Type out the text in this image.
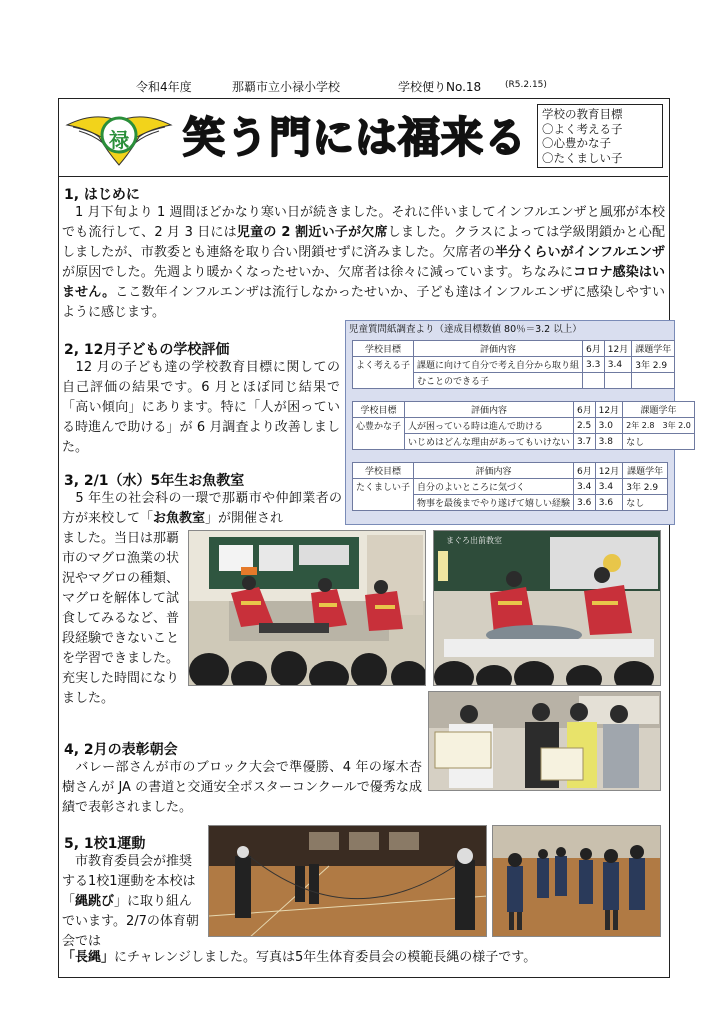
令和4年度	那覇市立小禄小学校	学校便りNo.18	(R5.2.15)
禄 笑う門には福来る 学校の教育目標
〇よく考える子
〇心豊かな子
〇たくましい子
1, はじめに
　1 月下旬より 1 週間ほどかなり寒い日が続きました。それに伴いましてインフルエンザと風邪が本校でも流行して、2 月 3 日には児童の 2 割近い子が欠席しました。クラスによっては学級閉鎖かと心配しましたが、市教委とも連絡を取り合い閉鎖せずに済みました。欠席者の半分くらいがインフルエンザが原因でした。先週より暖かくなったせいか、欠席者は徐々に減っています。ちなみにコロナ感染はいません。ここ数年インフルエンザは流行しなかったせいか、子ども達はインフルエンザに感染しやすいように感じます。
2, 12月子どもの学校評価
　12 月の子ども達の学校教育目標に関しての自己評価の結果です。6 月とほぼ同じ結果で「高い傾向」にあります。特に「人が困っている時進んで助ける」が 6 月調査より改善しました。
児童質問紙調査より（達成目標数値 80％＝3.2 以上）
学校目標	評価内容	6月	12月	課題学年
よく考える子	課題に向けて自分で考え自分から取り組	3.3	3.4	3年 2.9
	むことのできる子			
学校目標	評価内容	6月	12月	課題学年
心豊かな子	人が困っている時は進んで助ける	2.5	3.0	2年 2.8　3年 2.0
	いじめはどんな理由があってもいけない	3.7	3.8	なし
学校目標	評価内容	6月	12月	課題学年
たくましい子	自分のよいところに気づく	3.4	3.4	3年 2.9
	物事を最後までやり遂げて嬉しい経験	3.6	3.6	なし
3, 2/1（水）5年生お魚教室
　5 年生の社会科の一環で那覇市や仲卸業者の方が来校して「お魚教室」が開催され
ました。当日は那覇市のマグロ漁業の状況やマグロの種類、マグロを解体して試食してみるなど、普段経験できないことを学習できました。充実した時間になりました。
まぐろ出前教室
4, 2月の表彰朝会
　バレー部さんが市のブロック大会で準優勝、4 年の塚木杏樹さんが JA の書道と交通安全ポスターコンクールで優秀な成績で表彰されました。
5, 1校1運動
　市教育委員会が推奨する1校1運動を本校は「縄跳び」に取り組んでいます。2/7の体育朝会では
「長縄」にチャレンジしました。写真は5年生体育委員会の模範長縄の様子です。
